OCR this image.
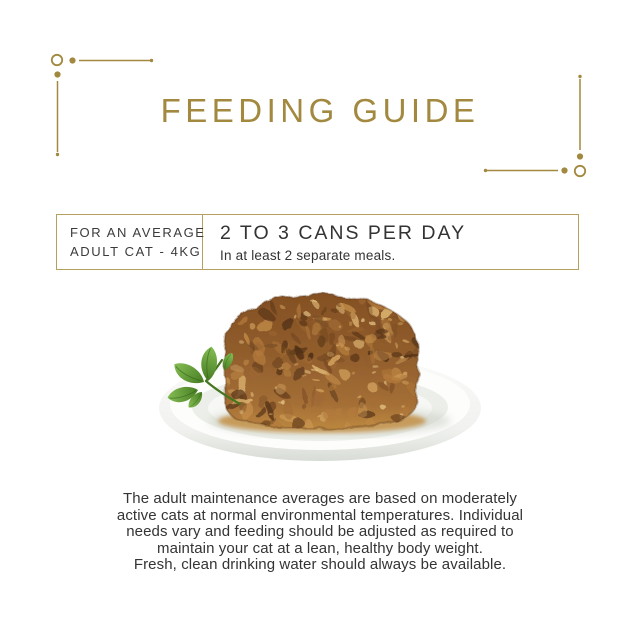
FEEDING GUIDE
FOR AN AVERAGE
ADULT CAT - 4KG
2 TO 3 CANS PER DAY
In at least 2 separate meals.
The adult maintenance averages are based on moderately
active cats at normal environmental temperatures. Individual
needs vary and feeding should be adjusted as required to
maintain your cat at a lean, healthy body weight.
Fresh, clean drinking water should always be available.
